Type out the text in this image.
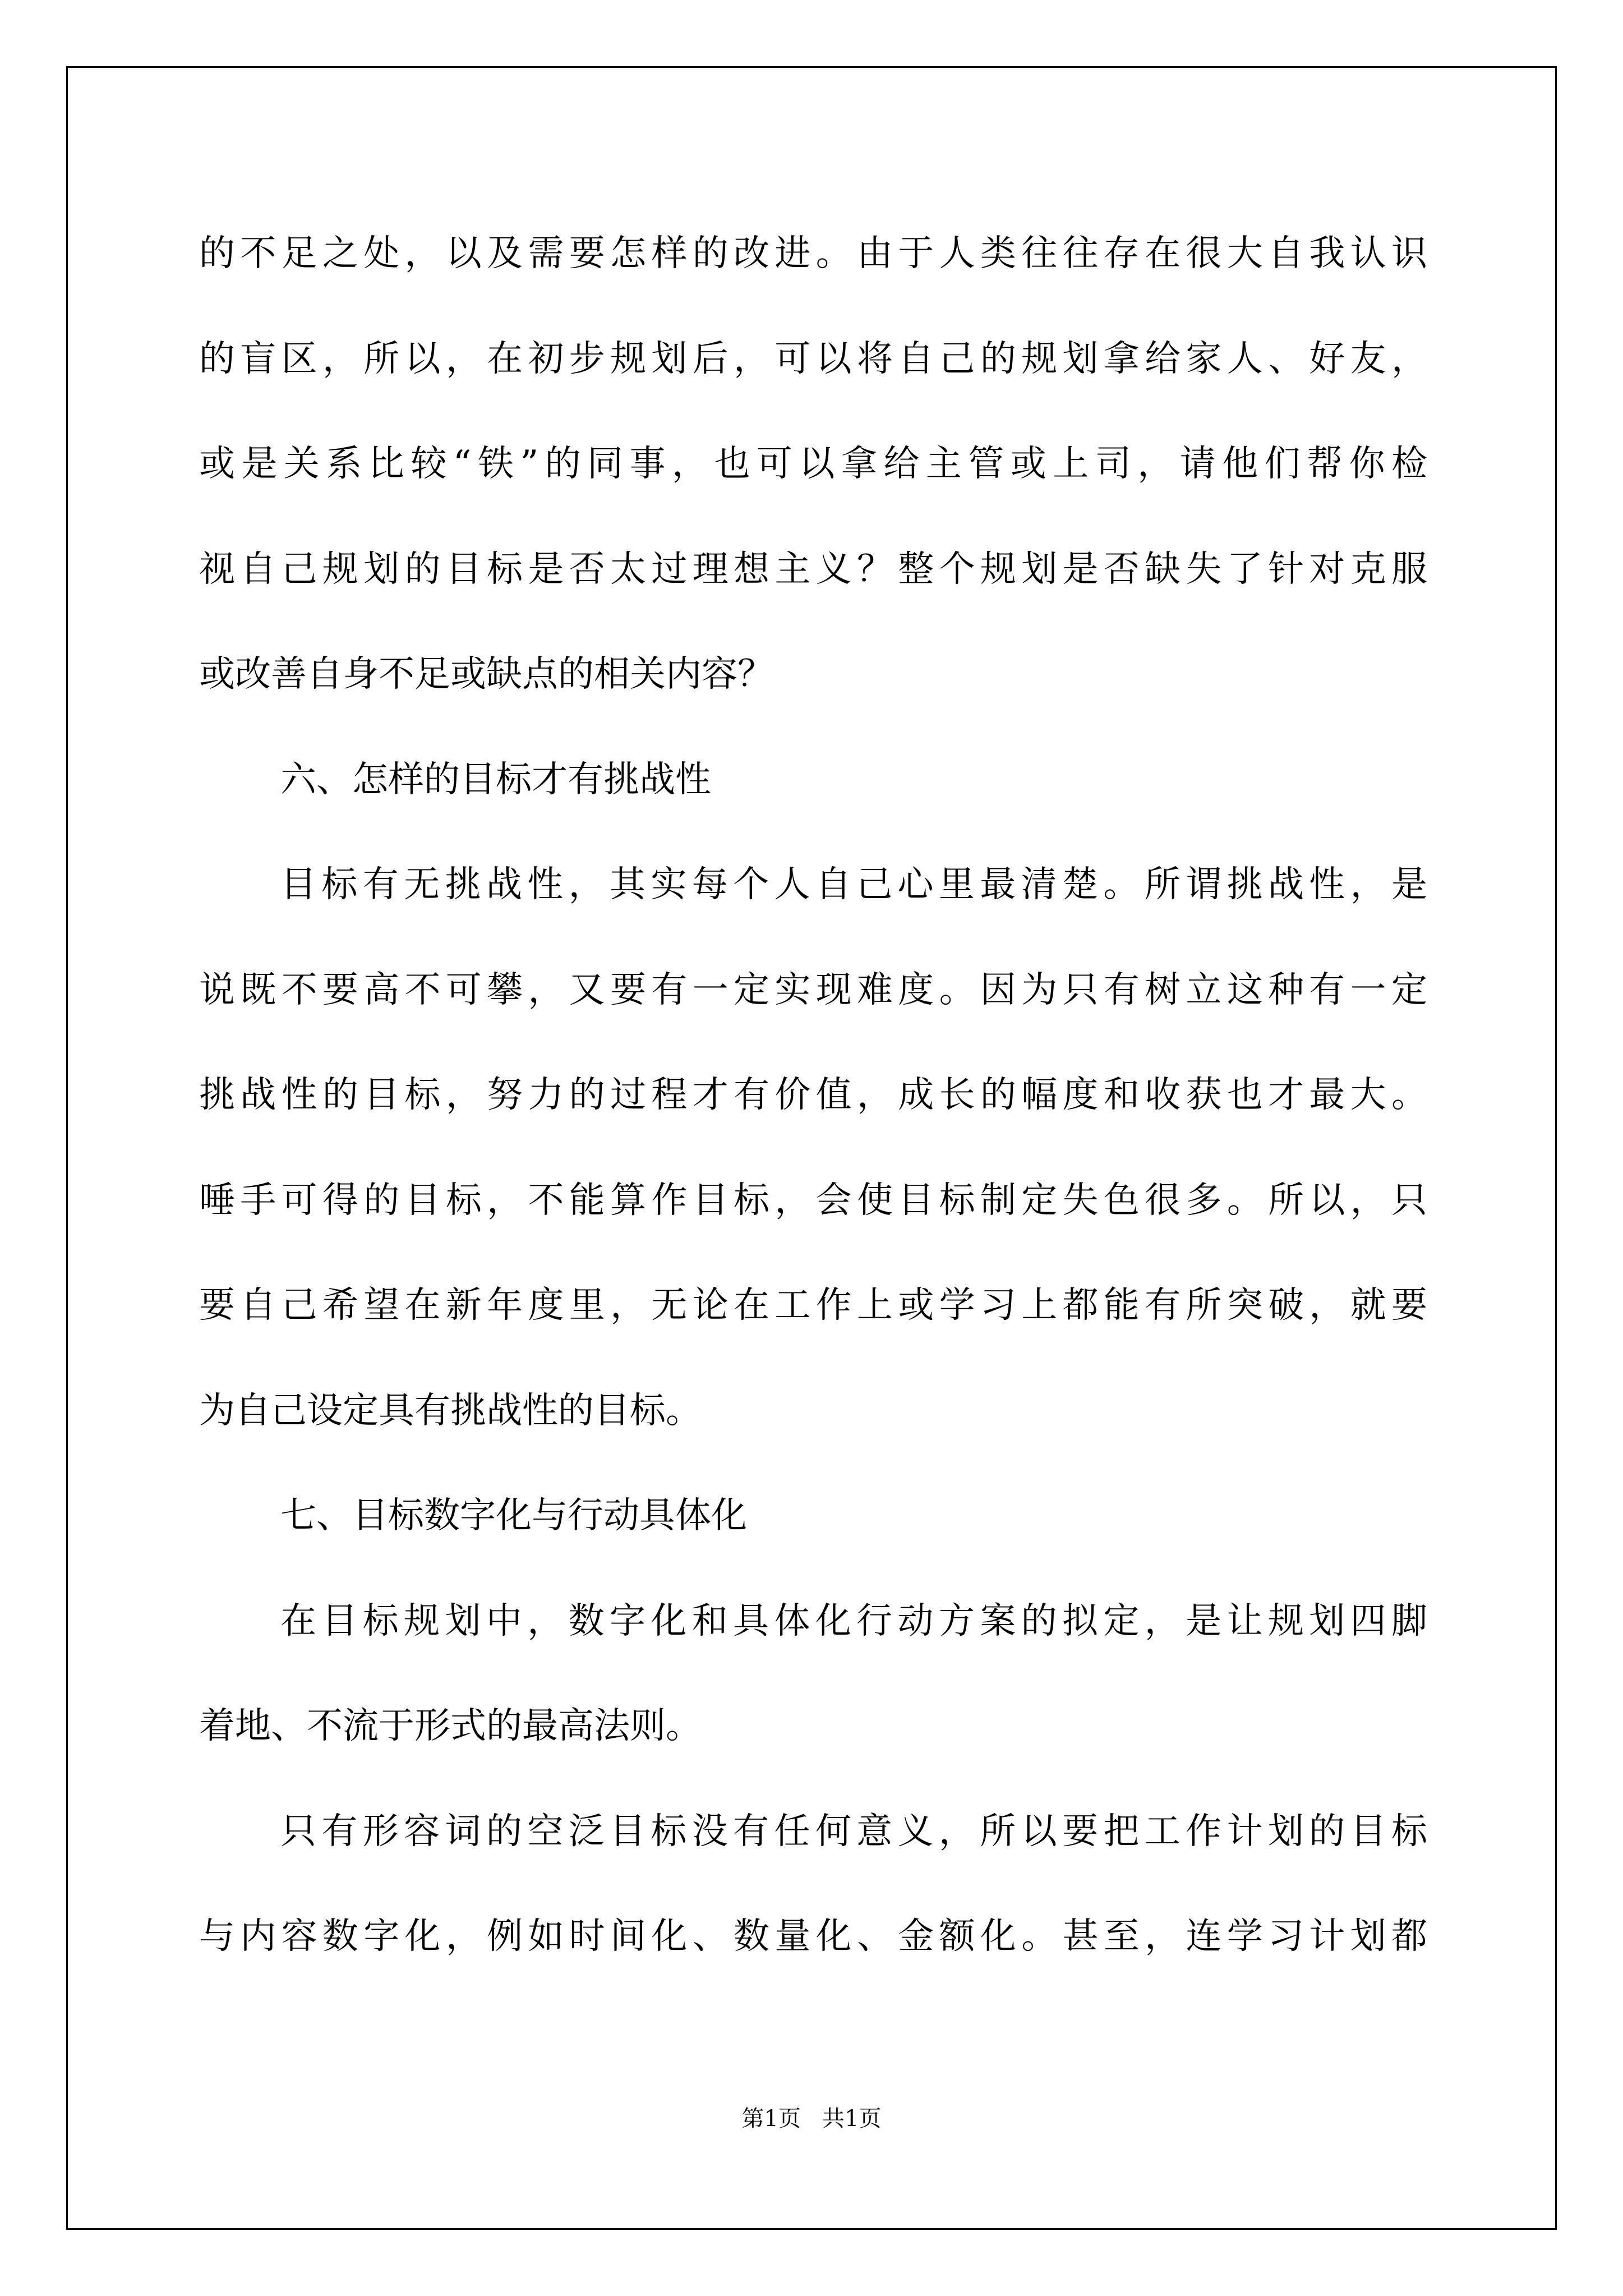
的不足之处，以及需要怎样的改进。由于人类往往存在很大自我认识
的盲区，所以，在初步规划后，可以将自己的规划拿给家人、好友，
或是关系比较“铁”的同事，也可以拿给主管或上司，请他们帮你检
视自己规划的目标是否太过理想主义？整个规划是否缺失了针对克服
或改善自身不足或缺点的相关内容？
六、怎样的目标才有挑战性
目标有无挑战性，其实每个人自己心里最清楚。所谓挑战性，是
说既不要高不可攀，又要有一定实现难度。因为只有树立这种有一定
挑战性的目标，努力的过程才有价值，成长的幅度和收获也才最大。
唾手可得的目标，不能算作目标，会使目标制定失色很多。所以，只
要自己希望在新年度里，无论在工作上或学习上都能有所突破，就要
为自己设定具有挑战性的目标。
七、目标数字化与行动具体化
在目标规划中，数字化和具体化行动方案的拟定，是让规划四脚
着地、不流于形式的最高法则。
只有形容词的空泛目标没有任何意义，所以要把工作计划的目标
与内容数字化，例如时间化、数量化、金额化。甚至，连学习计划都
第1页   共1页
